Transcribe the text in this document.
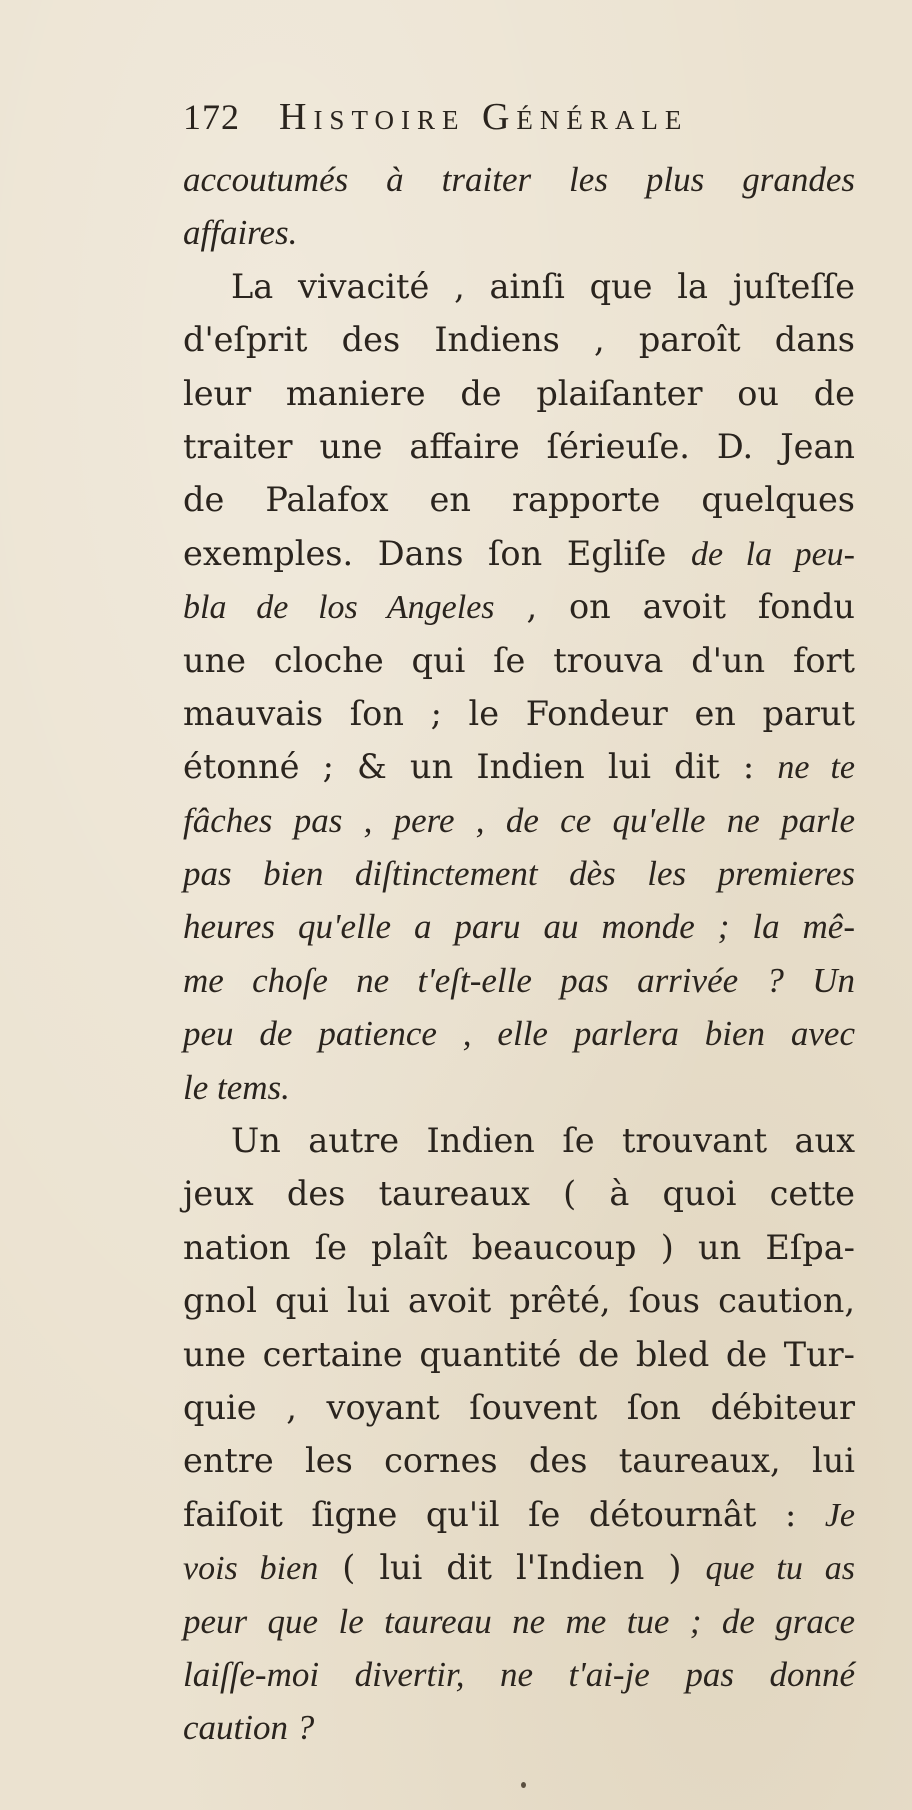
172	Histoire Générale
accoutumés à traiter les plus grandes
affaires.
La vivacité , ainſi que la juſteſſe
d'eſprit des Indiens , paroît dans
leur maniere de plaiſanter ou de
traiter une affaire ſérieuſe. D. Jean
de Palafox en rapporte quelques
exemples. Dans ſon Egliſe de la peu-
bla de los Angeles , on avoit fondu
une cloche qui ſe trouva d'un fort
mauvais ſon ; le Fondeur en parut
étonné ; & un Indien lui dit : ne te
fâches pas , pere , de ce qu'elle ne parle
pas bien diſtinctement dès les premieres
heures qu'elle a paru au monde ; la mê-
me choſe ne t'eſt-elle pas arrivée ? Un
peu de patience , elle parlera bien avec
le tems.
Un autre Indien ſe trouvant aux
jeux des taureaux ( à quoi cette
nation ſe plaît beaucoup ) un Eſpa-
gnol qui lui avoit prêté, ſous caution,
une certaine quantité de bled de Tur-
quie , voyant ſouvent ſon débiteur
entre les cornes des taureaux, lui
faiſoit ſigne qu'il ſe détournât : Je
vois bien ( lui dit l'Indien ) que tu as
peur que le taureau ne me tue ; de grace
laiſſe-moi divertir, ne t'ai-je pas donné
caution ?
